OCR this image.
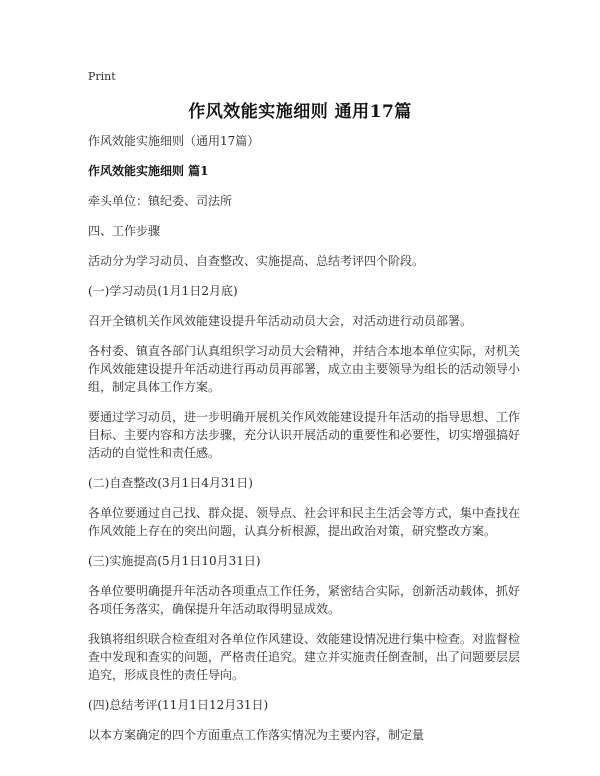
Print
作风效能实施细则 通用17篇

作风效能实施细则（通用17篇）

作风效能实施细则 篇1

牵头单位：镇纪委、司法所

四、工作步骤

活动分为学习动员、自查整改、实施提高、总结考评四个阶段。

(一)学习动员(1月1日2月底)

召开全镇机关作风效能建设提升年活动动员大会，对活动进行动员部署。

各村委、镇直各部门认真组织学习动员大会精神，并结合本地本单位实际，对机关作风效能建设提升年活动进行再动员再部署，成立由主要领导为组长的活动领导小组，制定具体工作方案。

要通过学习动员，进一步明确开展机关作风效能建设提升年活动的指导思想、工作目标、主要内容和方法步骤，充分认识开展活动的重要性和必要性，切实增强搞好活动的自觉性和责任感。

(二)自查整改(3月1日4月31日)

各单位要通过自己找、群众提、领导点、社会评和民主生活会等方式，集中查找在作风效能上存在的突出问题，认真分析根源，提出政治对策，研究整改方案。

(三)实施提高(5月1日10月31日)

各单位要明确提升年活动各项重点工作任务，紧密结合实际，创新活动载体，抓好各项任务落实，确保提升年活动取得明显成效。

我镇将组织联合检查组对各单位作风建设、效能建设情况进行集中检查。对监督检查中发现和查实的问题，严格责任追究。建立并实施责任倒查制，出了问题要层层追究，形成良性的责任导向。

(四)总结考评(11月1日12月31日)

以本方案确定的四个方面重点工作落实情况为主要内容，制定量
